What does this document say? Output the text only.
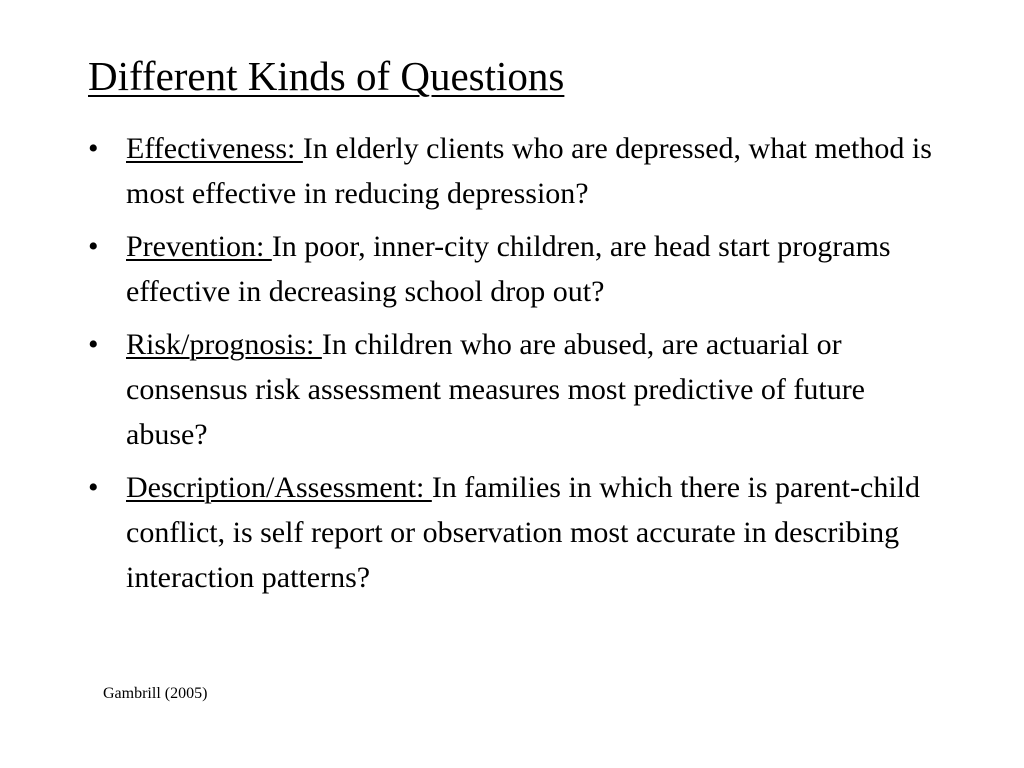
Different Kinds of Questions
• Effectiveness: In elderly clients who are depressed, what method is most effective in reducing depression?
• Prevention: In poor, inner-city children, are head start programs effective in decreasing school drop out?
• Risk/prognosis: In children who are abused, are actuarial or consensus risk assessment measures most predictive of future abuse?
• Description/Assessment: In families in which there is parent-child conflict, is self report or observation most accurate in describing interaction patterns?
Gambrill (2005)
